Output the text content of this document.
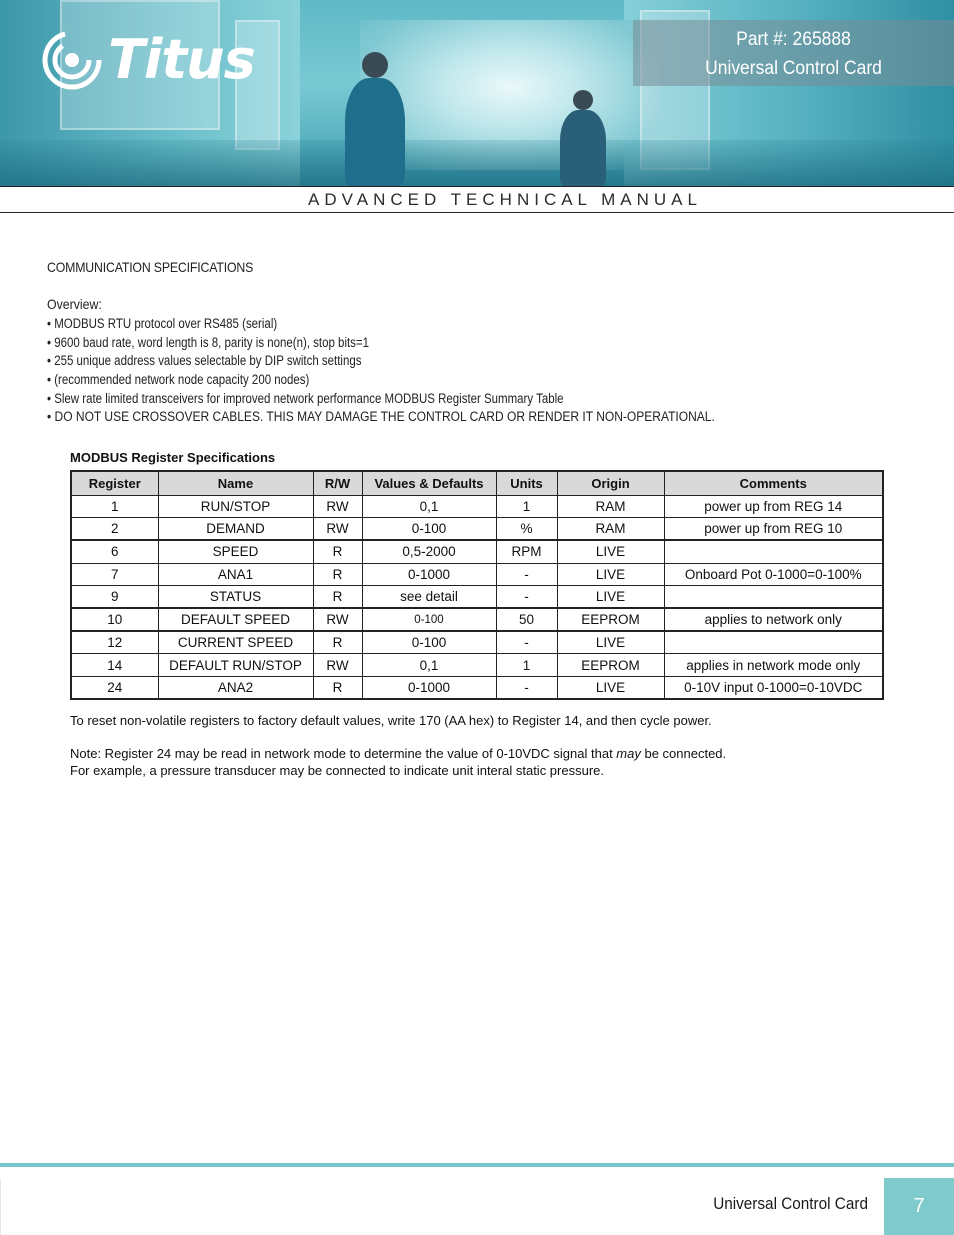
Titus	Part #: 265888
Universal Control Card
ADVANCED TECHNICAL MANUAL
COMMUNICATION SPECIFICATIONS
Overview:
• MODBUS RTU protocol over RS485 (serial)
• 9600 baud rate, word length is 8, parity is none(n), stop bits=1
• 255 unique address values selectable by DIP switch settings
• (recommended network node capacity 200 nodes)
• Slew rate limited transceivers for improved network performance MODBUS Register Summary Table
• DO NOT USE CROSSOVER CABLES. THIS MAY DAMAGE THE CONTROL CARD OR RENDER IT NON-OPERATIONAL.
MODBUS Register Specifications
Register	Name	R/W	Values & Defaults	Units	Origin	Comments
1	RUN/STOP	RW	0,1	1	RAM	power up from REG 14
2	DEMAND	RW	0-100	%	RAM	power up from REG 10
6	SPEED	R	0,5-2000	RPM	LIVE	
7	ANA1	R	0-1000	-	LIVE	Onboard Pot 0-1000=0-100%
9	STATUS	R	see detail	-	LIVE	
10	DEFAULT SPEED	RW	0-100	50	EEPROM	applies to network only
12	CURRENT SPEED	R	0-100	-	LIVE	
14	DEFAULT RUN/STOP	RW	0,1	1	EEPROM	applies in network mode only
24	ANA2	R	0-1000	-	LIVE	0-10V input 0-1000=0-10VDC
To reset non-volatile registers to factory default values, write 170 (AA hex) to Register 14, and then cycle power.
Note: Register 24 may be read in network mode to determine the value of 0-10VDC signal that may be connected.
For example, a pressure transducer may be connected to indicate unit interal static pressure.
Universal Control Card	7
